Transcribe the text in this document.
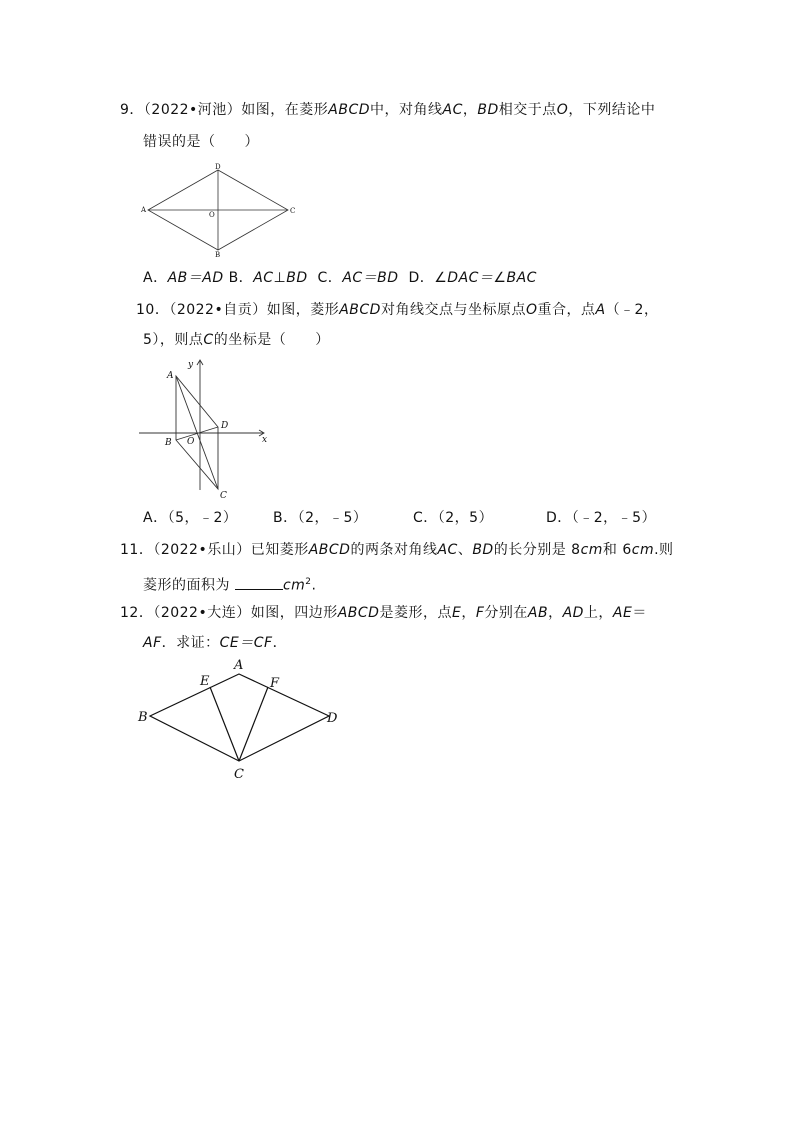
9．（2022•河池）如图，在菱形ABCD中，对角线AC，BD相交于点O，下列结论中
错误的是（　　）
D
A
O	C
B
A．AB＝AD B．AC⊥BD C．AC＝BD D．∠DAC＝∠BAC
10．（2022•自贡）如图，菱形ABCD对角线交点与坐标原点O重合，点A（﹣2，
5），则点C的坐标是（　　）
y
A
D
B O	x
C
A．（5，﹣2）	B．（2，﹣5）	C．（2，5）	D．（﹣2，﹣5）
11．（2022•乐山）已知菱形ABCD的两条对角线AC、BD的长分别是 8cm和 6cm.则
菱形的面积为	$cm^2$.
12．（2022•大连）如图，四边形ABCD是菱形，点E，F分别在AB，AD上，AE＝
AF．求证：CE＝CF．
A
E	F
B	D
C
